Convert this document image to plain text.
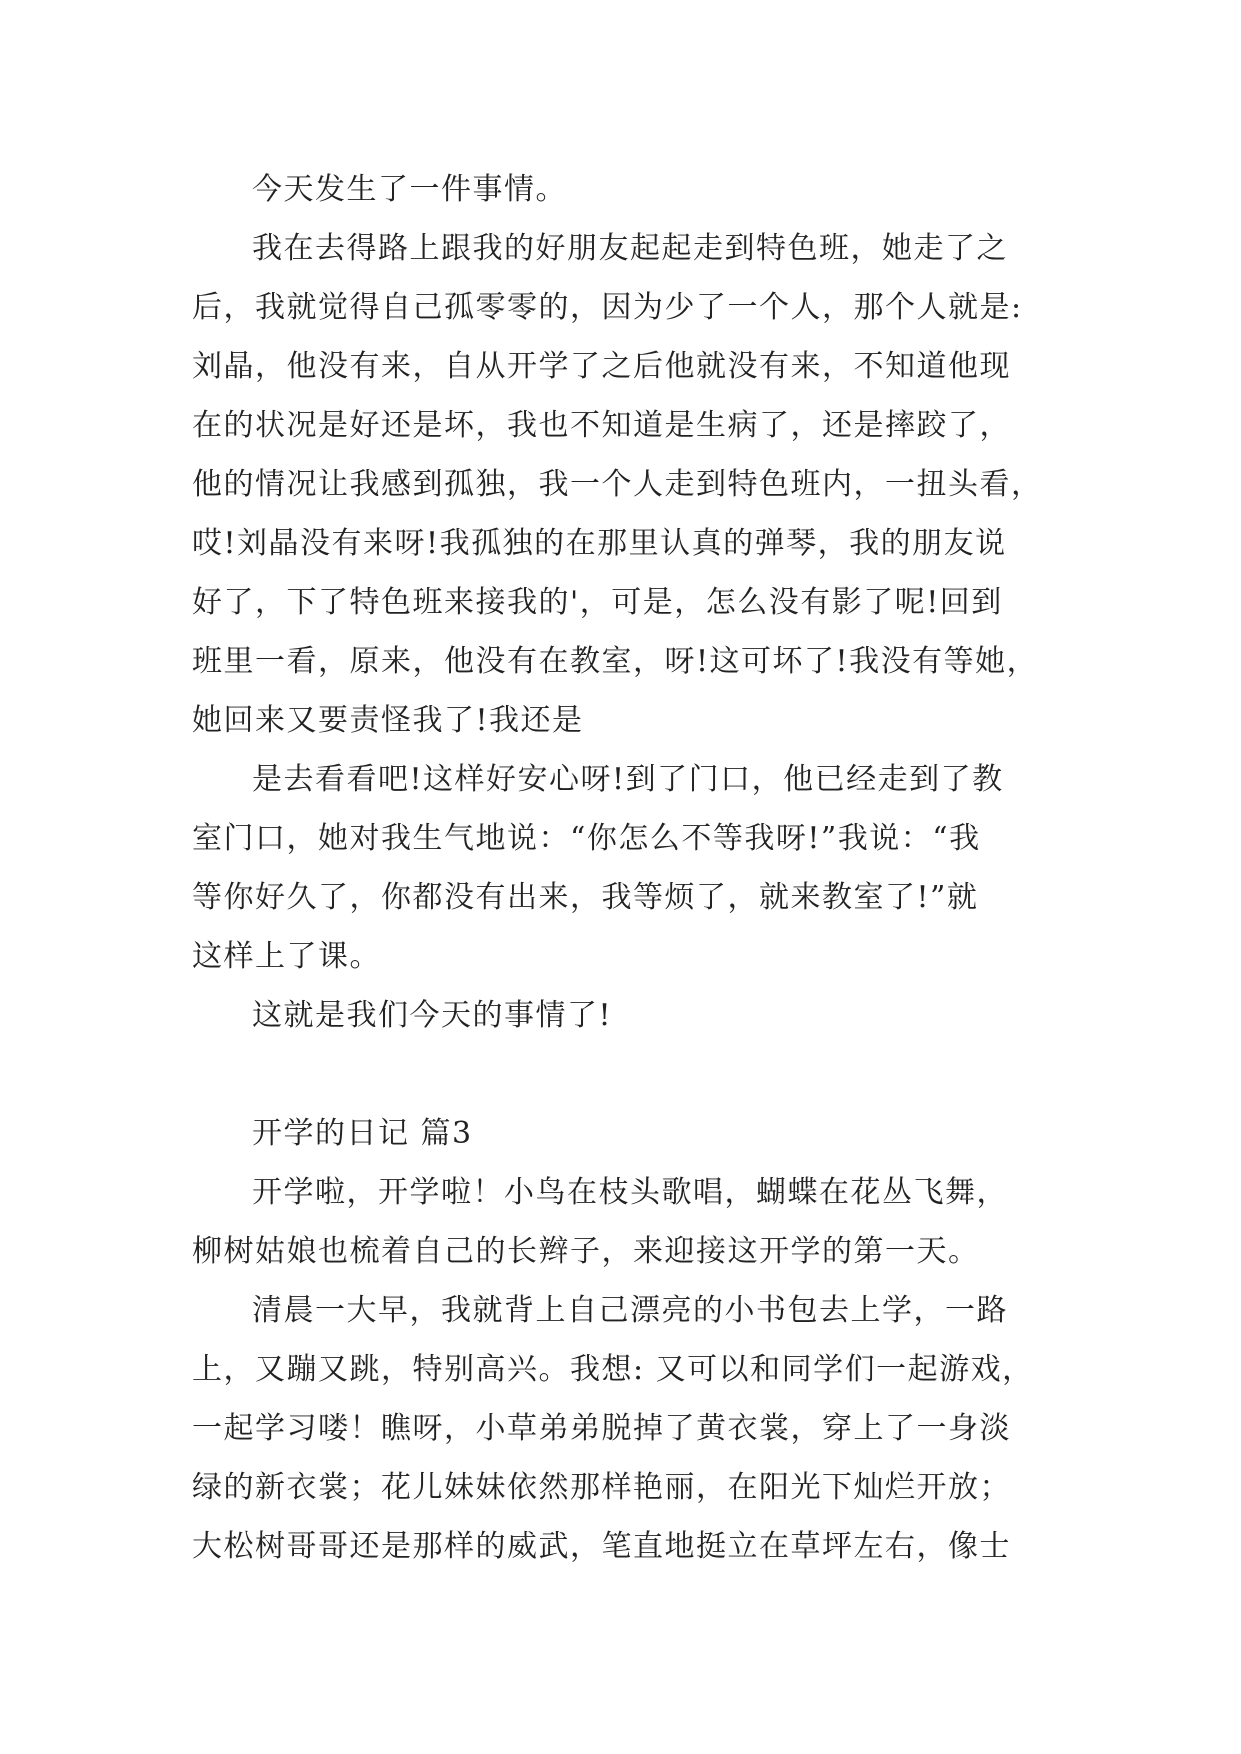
今天发生了一件事情。
我在去得路上跟我的好朋友起起走到特色班，她走了之
后，我就觉得自己孤零零的，因为少了一个人，那个人就是:
刘晶，他没有来，自从开学了之后他就没有来，不知道他现
在的状况是好还是坏，我也不知道是生病了，还是摔跤了，
他的情况让我感到孤独，我一个人走到特色班内，一扭头看，
哎!刘晶没有来呀!我孤独的在那里认真的弹琴，我的朋友说
好了，下了特色班来接我的'，可是，怎么没有影了呢!回到
班里一看，原来，他没有在教室，呀!这可坏了!我没有等她，
她回来又要责怪我了!我还是
是去看看吧!这样好安心呀!到了门口，他已经走到了教
室门口，她对我生气地说：“你怎么不等我呀!”我说：“我
等你好久了，你都没有出来，我等烦了，就来教室了!”就
这样上了课。
这就是我们今天的事情了!
开学的日记 篇3
开学啦，开学啦！小鸟在枝头歌唱，蝴蝶在花丛飞舞，
柳树姑娘也梳着自己的长辫子，来迎接这开学的第一天。
清晨一大早，我就背上自己漂亮的小书包去上学，一路
上，又蹦又跳，特别高兴。我想: 又可以和同学们一起游戏，
一起学习喽！瞧呀，小草弟弟脱掉了黄衣裳，穿上了一身淡
绿的新衣裳；花儿妹妹依然那样艳丽，在阳光下灿烂开放；
大松树哥哥还是那样的威武，笔直地挺立在草坪左右，像士
